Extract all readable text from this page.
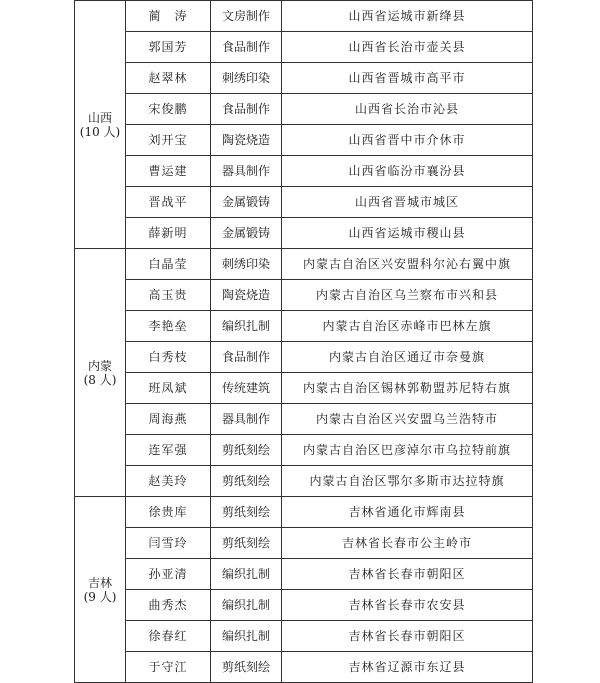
山西
(10 人)	蔺　涛	文房制作	山西省运城市新绛县
	郭国芳	食品制作	山西省长治市壶关县
	赵翠林	刺绣印染	山西省晋城市高平市
	宋俊鹏	食品制作	山西省长治市沁县
	刘开宝	陶瓷烧造	山西省晋中市介休市
	曹运建	器具制作	山西省临汾市襄汾县
	晋战平	金属锻铸	山西省晋城市城区
	薛新明	金属锻铸	山西省运城市稷山县

内蒙
(8 人)	白晶莹	刺绣印染	内蒙古自治区兴安盟科尔沁右翼中旗
	高玉贵	陶瓷烧造	内蒙古自治区乌兰察布市兴和县
	李艳垒	编织扎制	内蒙古自治区赤峰市巴林左旗
	白秀枝	食品制作	内蒙古自治区通辽市奈曼旗
	班凤斌	传统建筑	内蒙古自治区锡林郭勒盟苏尼特右旗
	周海燕	器具制作	内蒙古自治区兴安盟乌兰浩特市
	连军强	剪纸刻绘	内蒙古自治区巴彦淖尔市乌拉特前旗
	赵美玲	剪纸刻绘	内蒙古自治区鄂尔多斯市达拉特旗

吉林
(9 人)	徐贵库	剪纸刻绘	吉林省通化市辉南县
	闫雪玲	剪纸刻绘	吉林省长春市公主岭市
	孙亚清	编织扎制	吉林省长春市朝阳区
	曲秀杰	编织扎制	吉林省长春市农安县
	徐春红	编织扎制	吉林省长春市朝阳区
	于守江	剪纸刻绘	吉林省辽源市东辽县
